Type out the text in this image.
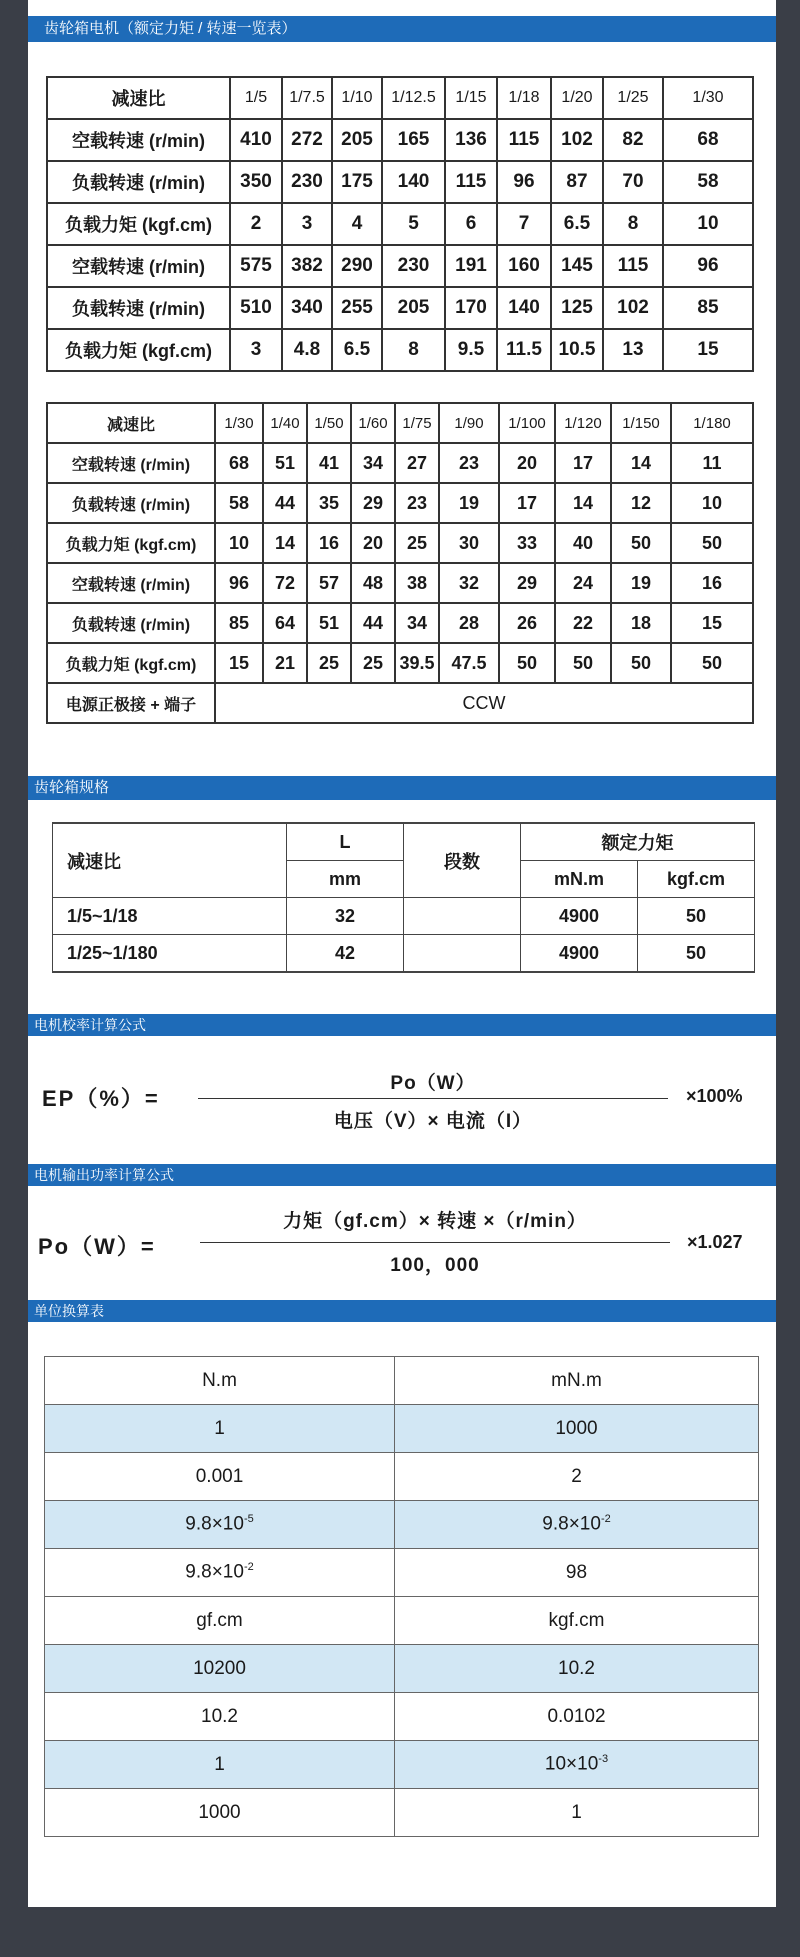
齿轮箱电机（额定力矩 / 转速一览表）
减速比	1/5	1/7.5	1/10	1/12.5	1/15	1/18	1/20	1/25	1/30
空载转速 (r/min)	410	272	205	165	136	115	102	82	68
负载转速 (r/min)	350	230	175	140	115	96	87	70	58
负载力矩 (kgf.cm)	2	3	4	5	6	7	6.5	8	10
空载转速 (r/min)	575	382	290	230	191	160	145	115	96
负载转速 (r/min)	510	340	255	205	170	140	125	102	85
负载力矩 (kgf.cm)	3	4.8	6.5	8	9.5	11.5	10.5	13	15
减速比	1/30	1/40	1/50	1/60	1/75	1/90	1/100	1/120	1/150	1/180
空载转速 (r/min)	68	51	41	34	27	23	20	17	14	11
负载转速 (r/min)	58	44	35	29	23	19	17	14	12	10
负载力矩 (kgf.cm)	10	14	16	20	25	30	33	40	50	50
空载转速 (r/min)	96	72	57	48	38	32	29	24	19	16
负载转速 (r/min)	85	64	51	44	34	28	26	22	18	15
负载力矩 (kgf.cm)	15	21	25	25	39.5	47.5	50	50	50	50
电源正极接 + 端子	CCW									
齿轮箱规格
减速比	L	段数	额定力矩	
	mm		mN.m	kgf.cm
1/5~1/18	32		4900	50
1/25~1/180	42		4900	50
电机校率计算公式
EP（%）=
Po（W）
电压（V）× 电流（I）
×100%
电机输出功率计算公式
Po（W）=
力矩（gf.cm）× 转速 ×（r/min）
100，000
×1.027
单位换算表
N.m	mN.m
1	1000
0.001	2
$9.8\times 10^{-5}$	$9.8\times 10^{-2}$
$9.8\times 10^{-2}$	98
gf.cm	kgf.cm
10200	10.2
10.2	0.0102
1	$10\times 10^{-3}$
1000	1
